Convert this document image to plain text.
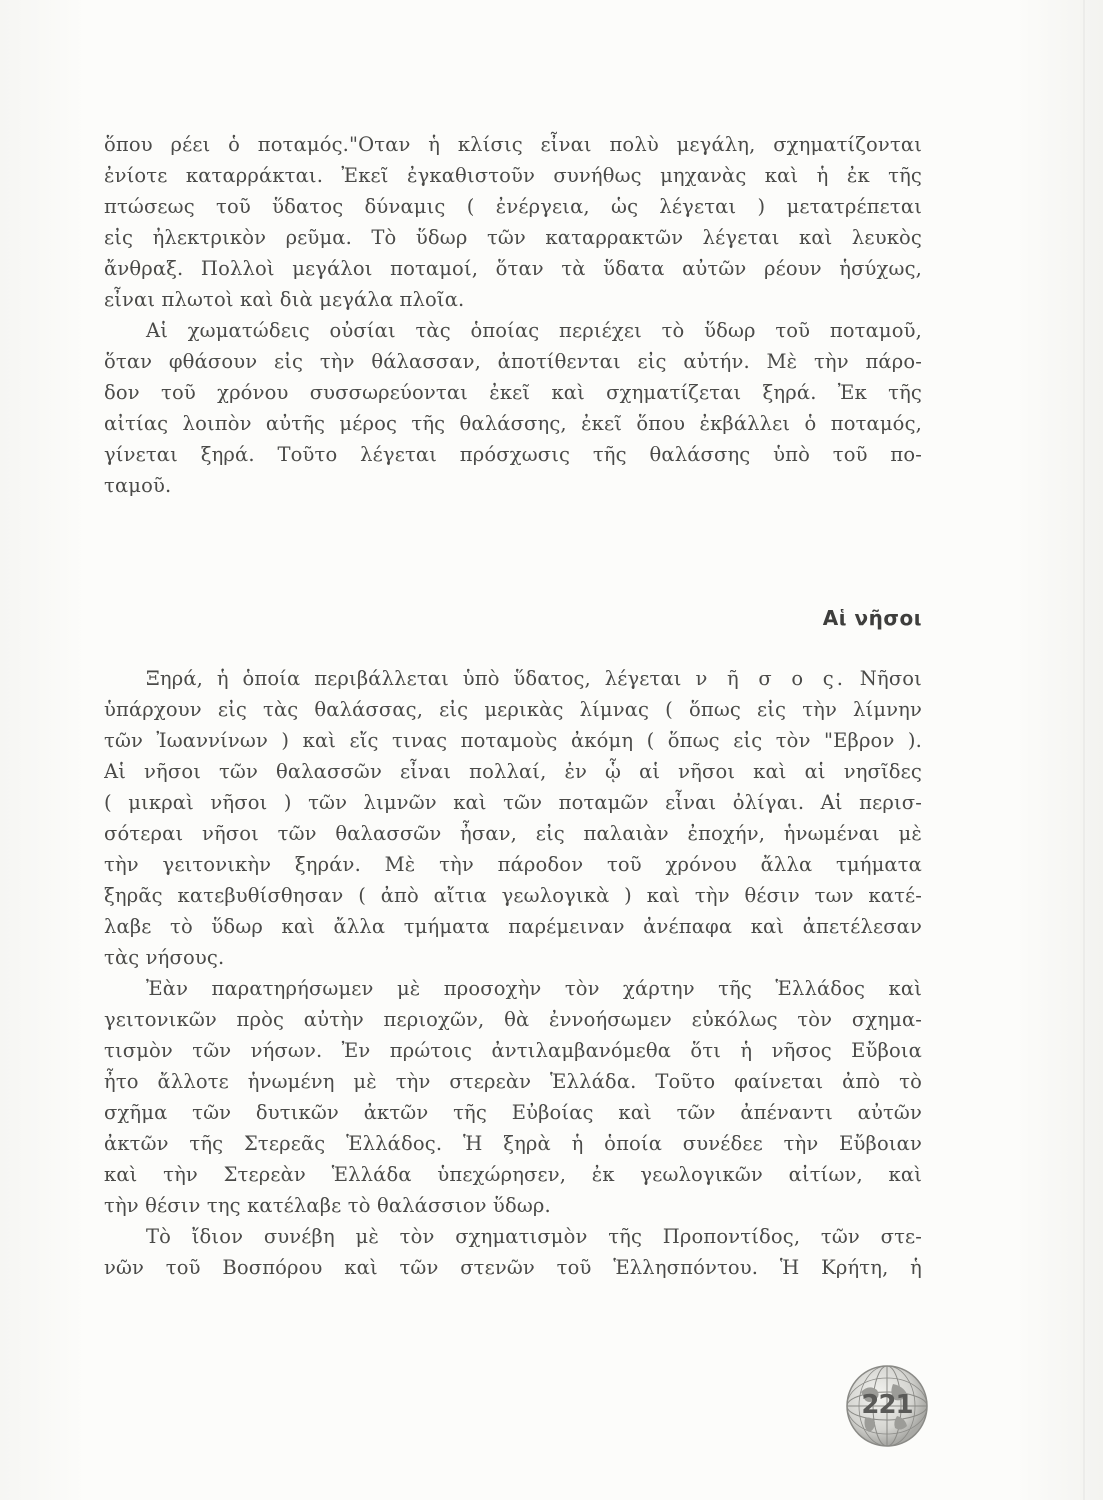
ὅπου ρέει ὁ ποταμός."Οταν ἡ κλίσις εἶναι πολὺ μεγάλη, σχηματίζονται
ἐνίοτε καταρράκται. Ἐκεῖ ἐγκαθιστοῦν συνήθως μηχανὰς καὶ ἡ ἐκ τῆς
πτώσεως τοῦ ὕδατος δύναμις ( ἐνέργεια, ὡς λέγεται ) μετατρέπεται
εἰς ἠλεκτρικὸν ρεῦμα. Τὸ ὕδωρ τῶν καταρρακτῶν λέγεται καὶ λευκὸς
ἄνθραξ. Πολλοὶ μεγάλοι ποταμοί, ὅταν τὰ ὕδατα αὐτῶν ρέουν ἡσύχως,
εἶναι πλωτοὶ καὶ διὰ μεγάλα πλοῖα.
Αἱ χωματώδεις οὐσίαι τὰς ὁποίας περιέχει τὸ ὕδωρ τοῦ ποταμοῦ,
ὅταν φθάσουν εἰς τὴν θάλασσαν, ἀποτίθενται εἰς αὐτήν. Μὲ τὴν πάρο-
δον τοῦ χρόνου συσσωρεύονται ἐκεῖ καὶ σχηματίζεται ξηρά. Ἐκ τῆς
αἰτίας λοιπὸν αὐτῆς μέρος τῆς θαλάσσης, ἐκεῖ ὅπου ἐκβάλλει ὁ ποταμός,
γίνεται ξηρά. Τοῦτο λέγεται πρόσχωσις τῆς θαλάσσης ὑπὸ τοῦ πο-
ταμοῦ.
Αἱ νῆσοι
Ξηρά, ἡ ὁποία περιβάλλεται ὑπὸ ὕδατος, λέγεται ν ῆ σ ο ς. Νῆσοι
ὑπάρχουν εἰς τὰς θαλάσσας, εἰς μερικὰς λίμνας ( ὅπως εἰς τὴν λίμνην
τῶν Ἰωαννίνων ) καὶ εἴς τινας ποταμοὺς ἀκόμη ( ὅπως εἰς τὸν "Εβρον ).
Αἱ νῆσοι τῶν θαλασσῶν εἶναι πολλαί, ἐν ᾧ αἱ νῆσοι καὶ αἱ νησῖδες
( μικραὶ νῆσοι ) τῶν λιμνῶν καὶ τῶν ποταμῶν εἶναι ὀλίγαι. Αἱ περισ-
σότεραι νῆσοι τῶν θαλασσῶν ἦσαν, εἰς παλαιὰν ἐποχήν, ἡνωμέναι μὲ
τὴν γειτονικὴν ξηράν. Μὲ τὴν πάροδον τοῦ χρόνου ἄλλα τμήματα
ξηρᾶς κατεβυθίσθησαν ( ἀπὸ αἴτια γεωλογικὰ ) καὶ τὴν θέσιν των κατέ-
λαβε τὸ ὕδωρ καὶ ἄλλα τμήματα παρέμειναν ἀνέπαφα καὶ ἀπετέλεσαν
τὰς νήσους.
Ἐὰν παρατηρήσωμεν μὲ προσοχὴν τὸν χάρτην τῆς Ἑλλάδος καὶ
γειτονικῶν πρὸς αὐτὴν περιοχῶν, θὰ ἐννοήσωμεν εὐκόλως τὸν σχημα-
τισμὸν τῶν νήσων. Ἐν πρώτοις ἀντιλαμβανόμεθα ὅτι ἡ νῆσος Εὔβοια
ἦτο ἄλλοτε ἡνωμένη μὲ τὴν στερεὰν Ἑλλάδα. Τοῦτο φαίνεται ἀπὸ τὸ
σχῆμα τῶν δυτικῶν ἀκτῶν τῆς Εὐβοίας καὶ τῶν ἀπέναντι αὐτῶν
ἀκτῶν τῆς Στερεᾶς Ἑλλάδος. Ἡ ξηρὰ ἡ ὁποία συνέδεε τὴν Εὔβοιαν
καὶ τὴν Στερεὰν Ἑλλάδα ὑπεχώρησεν, ἐκ γεωλογικῶν αἰτίων, καὶ
τὴν θέσιν της κατέλαβε τὸ θαλάσσιον ὕδωρ.
Τὸ ἴδιον συνέβη μὲ τὸν σχηματισμὸν τῆς Προποντίδος, τῶν στε-
νῶν τοῦ Βοσπόρου καὶ τῶν στενῶν τοῦ Ἑλλησπόντου. Ἡ Κρήτη, ἡ
221
